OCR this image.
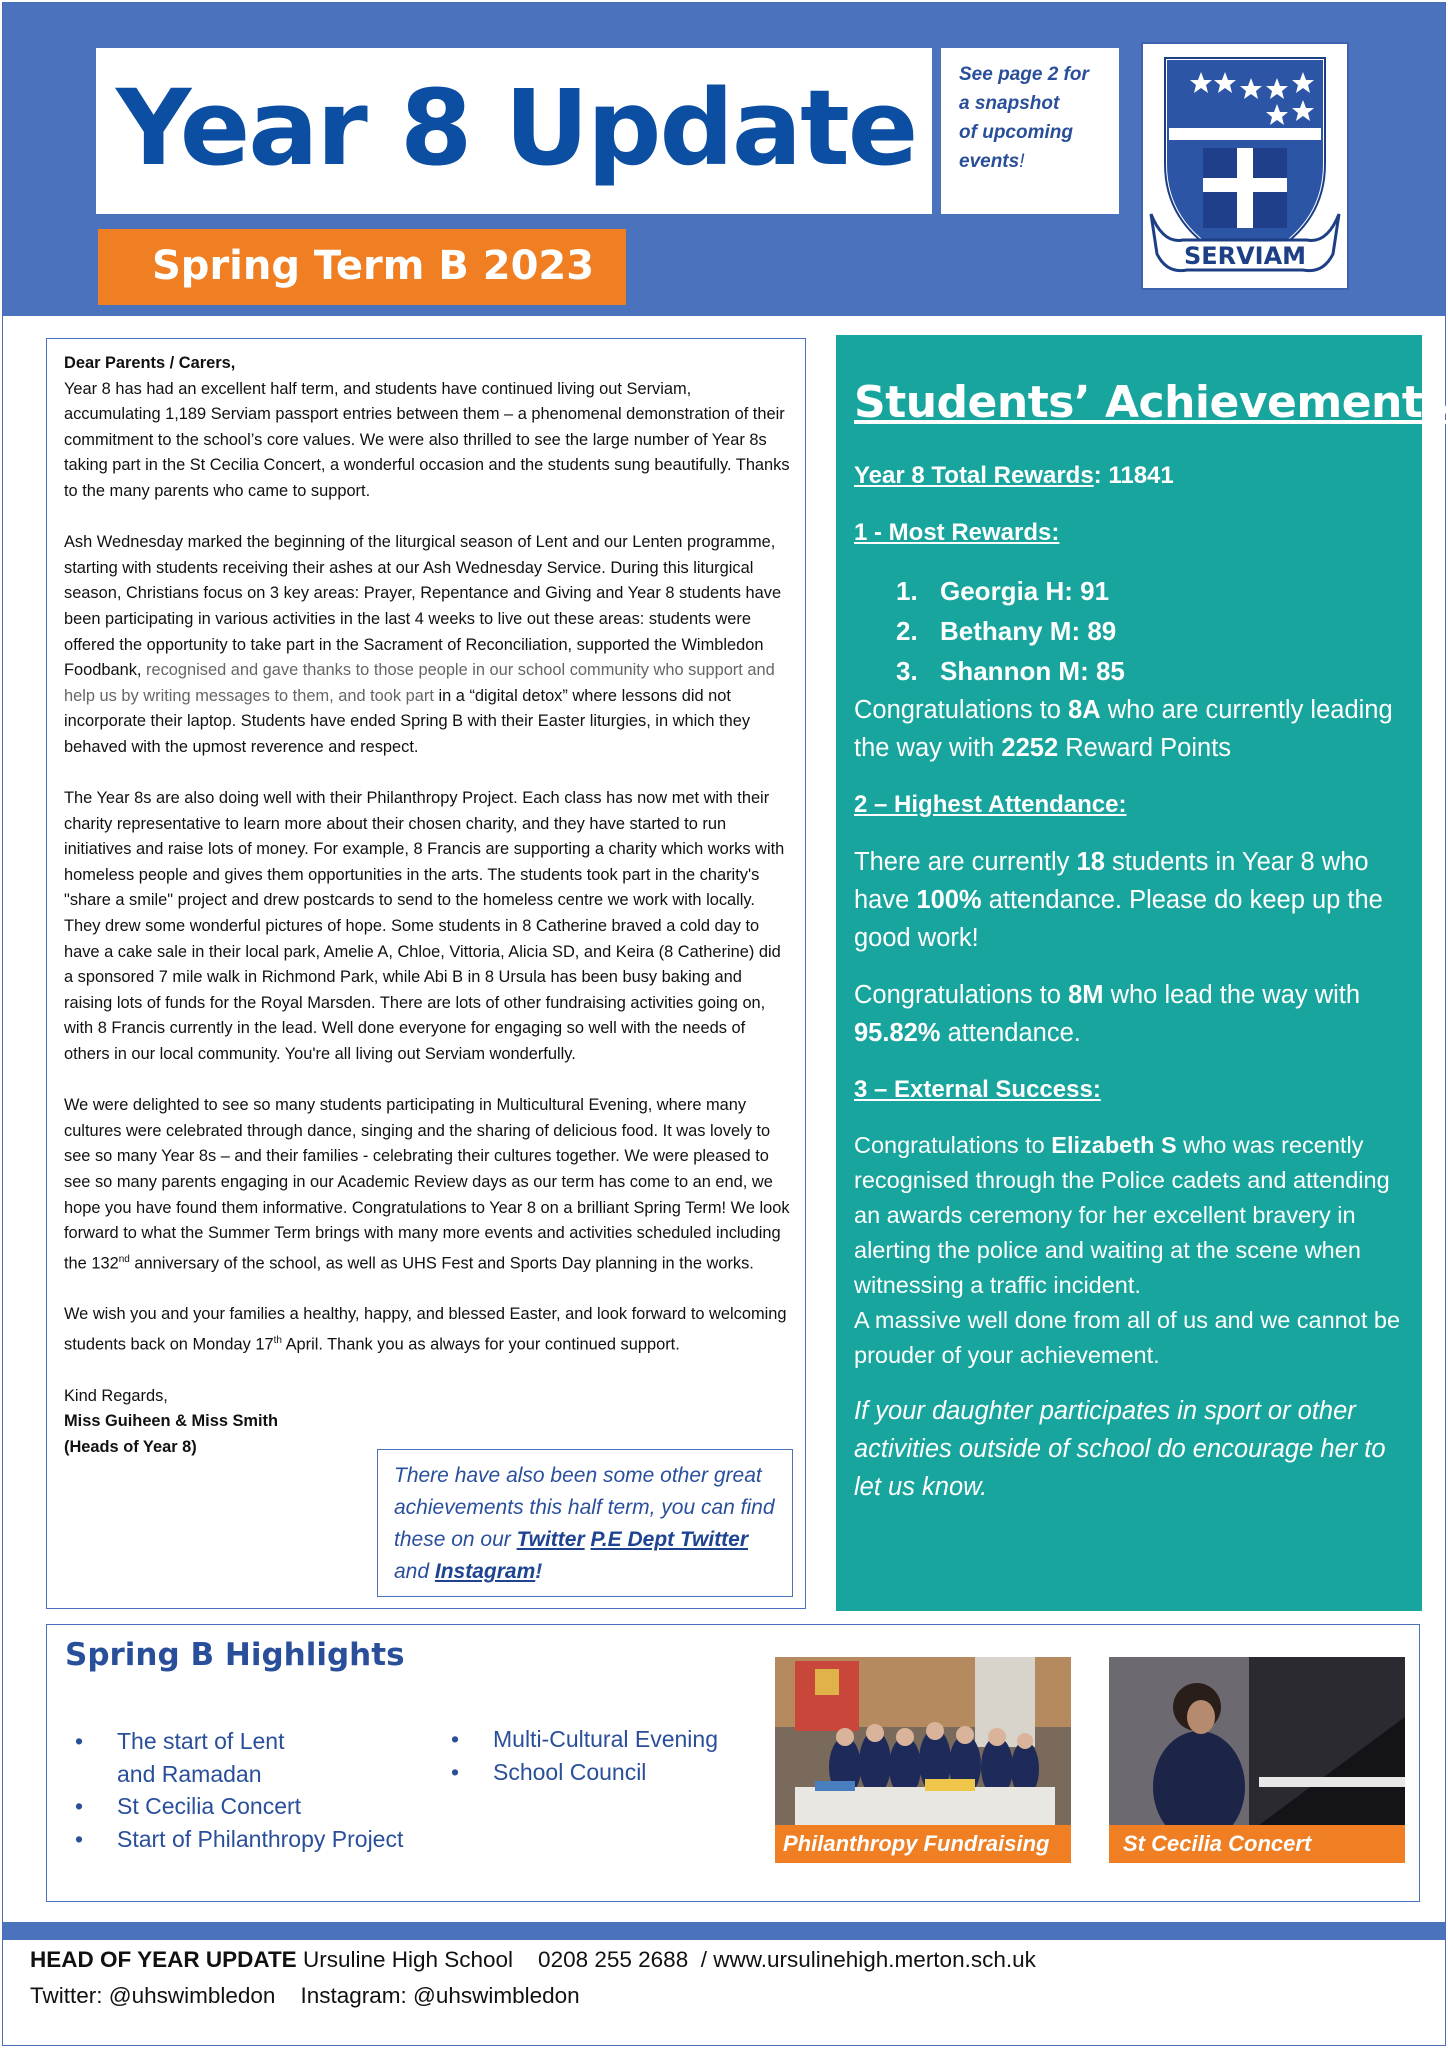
Year 8 Update
Spring Term B 2023
See page 2 for
a snapshot
of upcoming
events!
SERVIAM

Dear Parents / Carers,

Year 8 has had an excellent half term, and students have continued living out Serviam, accumulating 1,189 Serviam passport entries between them – a phenomenal demonstration of their commitment to the school’s core values. We were also thrilled to see the large number of Year 8s taking part in the St Cecilia Concert, a wonderful occasion and the students sung beautifully. Thanks to the many parents who came to support.

Ash Wednesday marked the beginning of the liturgical season of Lent and our Lenten programme, starting with students receiving their ashes at our Ash Wednesday Service. During this liturgical season, Christians focus on 3 key areas: Prayer, Repentance and Giving and Year 8 students have been participating in various activities in the last 4 weeks to live out these areas: students were offered the opportunity to take part in the Sacrament of Reconciliation, supported the Wimbledon Foodbank, recognised and gave thanks to those people in our school community who support and help us by writing messages to them, and took part in a “digital detox” where lessons did not incorporate their laptop. Students have ended Spring B with their Easter liturgies, in which they behaved with the upmost reverence and respect.

The Year 8s are also doing well with their Philanthropy Project. Each class has now met with their charity representative to learn more about their chosen charity, and they have started to run initiatives and raise lots of money. For example, 8 Francis are supporting a charity which works with homeless people and gives them opportunities in the arts. The students took part in the charity's "share a smile" project and drew postcards to send to the homeless centre we work with locally. They drew some wonderful pictures of hope. Some students in 8 Catherine braved a cold day to have a cake sale in their local park, Amelie A, Chloe, Vittoria, Alicia SD, and Keira (8 Catherine) did a sponsored 7 mile walk in Richmond Park, while Abi B in 8 Ursula has been busy baking and raising lots of funds for the Royal Marsden. There are lots of other fundraising activities going on, with 8 Francis currently in the lead. Well done everyone for engaging so well with the needs of others in our local community. You're all living out Serviam wonderfully.

We were delighted to see so many students participating in Multicultural Evening, where many cultures were celebrated through dance, singing and the sharing of delicious food. It was lovely to see so many Year 8s – and their families - celebrating their cultures together. We were pleased to see so many parents engaging in our Academic Review days as our term has come to an end, we hope you have found them informative. Congratulations to Year 8 on a brilliant Spring Term! We look forward to what the Summer Term brings with many more events and activities scheduled including the 132nd anniversary of the school, as well as UHS Fest and Sports Day planning in the works.

We wish you and your families a healthy, happy, and blessed Easter, and look forward to welcoming students back on Monday 17th April. Thank you as always for your continued support.

Kind Regards,
Miss Guiheen & Miss Smith
(Heads of Year 8)
There have also been some other great achievements this half term, you can find these on our Twitter P.E Dept Twitter and Instagram!
Students’ Achievements
Year 8 Total Rewards: 11841
1 - Most Rewards:
1. Georgia H: 91
2. Bethany M: 89
3. Shannon M: 85
Congratulations to 8A who are currently leading the way with 2252 Reward Points
2 – Highest Attendance:
There are currently 18 students in Year 8 who have 100% attendance. Please do keep up the good work!
Congratulations to 8M who lead the way with 95.82% attendance.
3 – External Success:
Congratulations to Elizabeth S who was recently recognised through the Police cadets and attending an awards ceremony for her excellent bravery in alerting the police and waiting at the scene when witnessing a traffic incident.
A massive well done from all of us and we cannot be prouder of your achievement.
If your daughter participates in sport or other activities outside of school do encourage her to let us know.
Spring B Highlights
• The start of Lent
and Ramadan
• St Cecilia Concert
• Start of Philanthropy Project
• Multi-Cultural Evening
• School Council
Philanthropy Fundraising	St Cecilia Concert
HEAD OF YEAR UPDATE Ursuline High School    0208 255 2688  / www.ursulinehigh.merton.sch.uk
Twitter: @uhswimbledon    Instagram: @uhswimbledon
